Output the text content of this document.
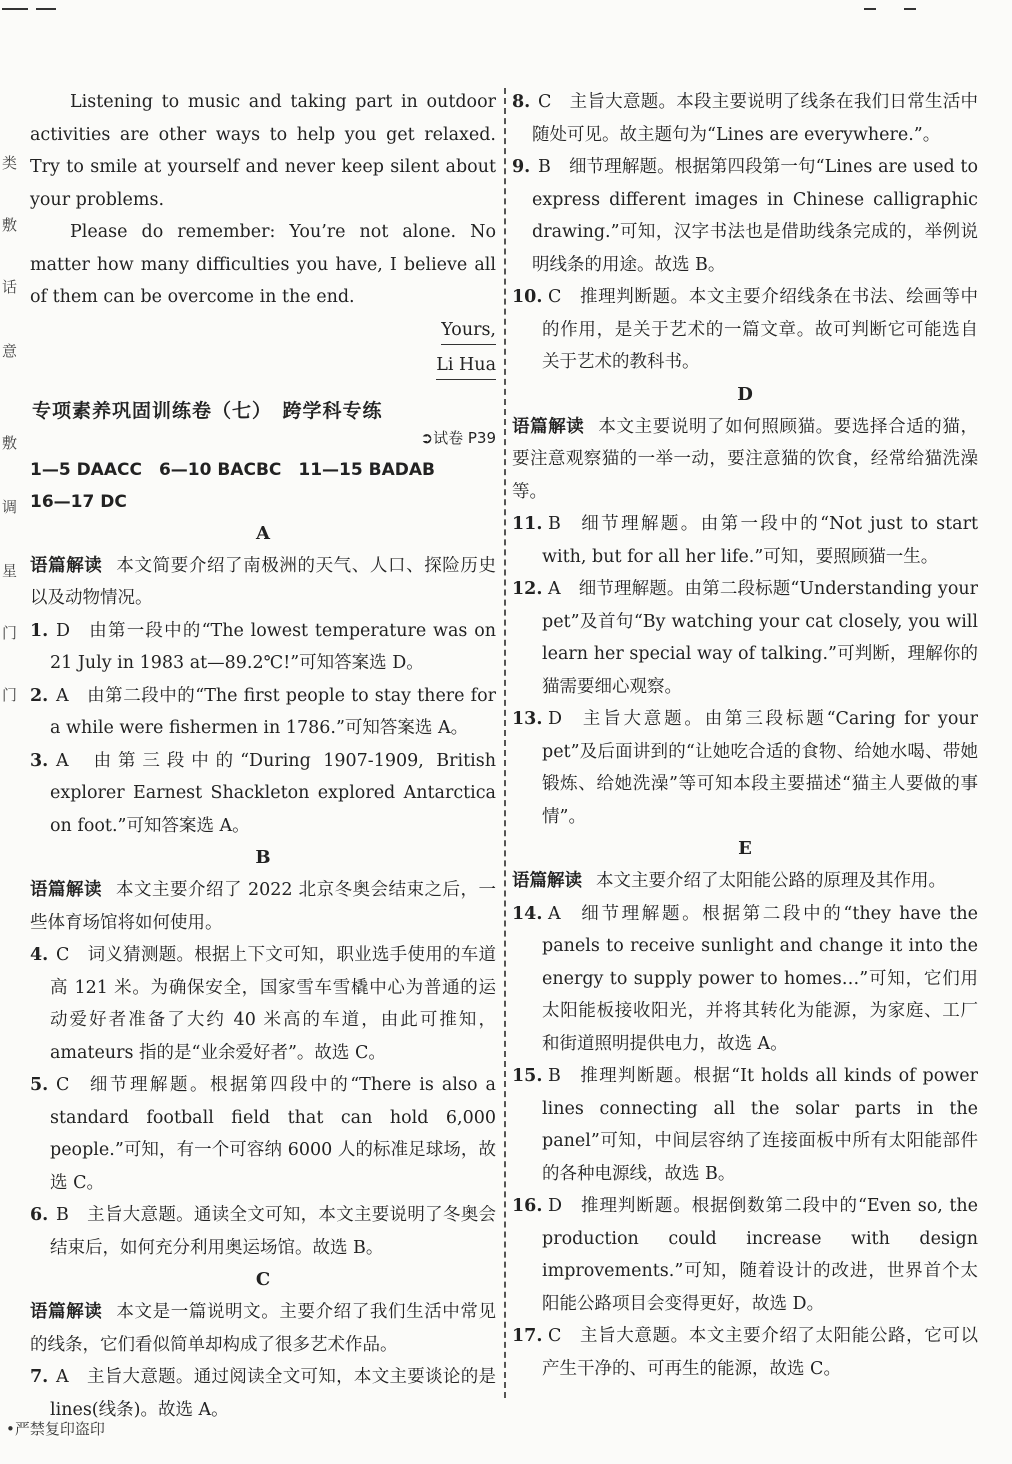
类
敷
话
意
敷
调
星
门
门

Listening to music and taking part in outdoor activities are other ways to help you get relaxed. Try to smile at yourself and never keep silent about your problems.

Please do remember: You’re not alone. No matter how many difficulties you have, I believe all of them can be overcome in the end.

Yours,
Li Hua
专项素养巩固训练卷（七）　跨学科专练
➲试卷 P39

1—5 DAACC　6—10 BACBC　11—15 BADAB

16—17 DC

A

语篇解读 本文简要介绍了南极洲的天气、人口、探险历史以及动物情况。

1. D 由第一段中的“The lowest temperature was on 21 July in 1983 at—89.2℃!”可知答案选 D。
2. A 由第二段中的“The first people to stay there for a while were fishermen in 1786.”可知答案选 A。
3. A 由第三段中的“During 1907-1909, British explorer Earnest Shackleton explored Antarctica on foot.”可知答案选 A。

B

语篇解读 本文主要介绍了 2022 北京冬奥会结束之后，一些体育场馆将如何使用。

4. C 词义猜测题。根据上下文可知，职业选手使用的车道高 121 米。为确保安全，国家雪车雪橇中心为普通的运动爱好者准备了大约 40 米高的车道，由此可推知，amateurs 指的是“业余爱好者”。故选 C。
5. C 细节理解题。根据第四段中的“There is also a standard football field that can hold 6,000 people.”可知，有一个可容纳 6000 人的标准足球场，故选 C。
6. B 主旨大意题。通读全文可知，本文主要说明了冬奥会结束后，如何充分利用奥运场馆。故选 B。

C

语篇解读 本文是一篇说明文。主要介绍了我们生活中常见的线条，它们看似简单却构成了很多艺术作品。

7. A 主旨大意题。通过阅读全文可知，本文主要谈论的是 lines(线条)。故选 A。
8. C 主旨大意题。本段主要说明了线条在我们日常生活中随处可见。故主题句为“Lines are everywhere.”。
9. B 细节理解题。根据第四段第一句“Lines are used to express different images in Chinese calligraphic drawing.”可知，汉字书法也是借助线条完成的，举例说明线条的用途。故选 B。
10. C 推理判断题。本文主要介绍线条在书法、绘画等中的作用，是关于艺术的一篇文章。故可判断它可能选自关于艺术的教科书。

D

语篇解读 本文主要说明了如何照顾猫。要选择合适的猫，要注意观察猫的一举一动，要注意猫的饮食，经常给猫洗澡等。

11. B 细节理解题。由第一段中的“Not just to start with, but for all her life.”可知，要照顾猫一生。
12. A 细节理解题。由第二段标题“Understanding your pet”及首句“By watching your cat closely, you will learn her special way of talking.”可判断，理解你的猫需要细心观察。
13. D 主旨大意题。由第三段标题“Caring for your pet”及后面讲到的“让她吃合适的食物、给她水喝、带她锻炼、给她洗澡”等可知本段主要描述“猫主人要做的事情”。

E

语篇解读 本文主要介绍了太阳能公路的原理及其作用。

14. A 细节理解题。根据第二段中的“they have the panels to receive sunlight and change it into the energy to supply power to homes…”可知，它们用太阳能板接收阳光，并将其转化为能源，为家庭、工厂和街道照明提供电力，故选 A。
15. B 推理判断题。根据“It holds all kinds of power lines connecting all the solar parts in the panel”可知，中间层容纳了连接面板中所有太阳能部件的各种电源线，故选 B。
16. D 推理判断题。根据倒数第二段中的“Even so, the production could increase with design improvements.”可知，随着设计的改进，世界首个太阳能公路项目会变得更好，故选 D。
17. C 主旨大意题。本文主要介绍了太阳能公路，它可以产生干净的、可再生的能源，故选 C。
•严禁复印盗印
